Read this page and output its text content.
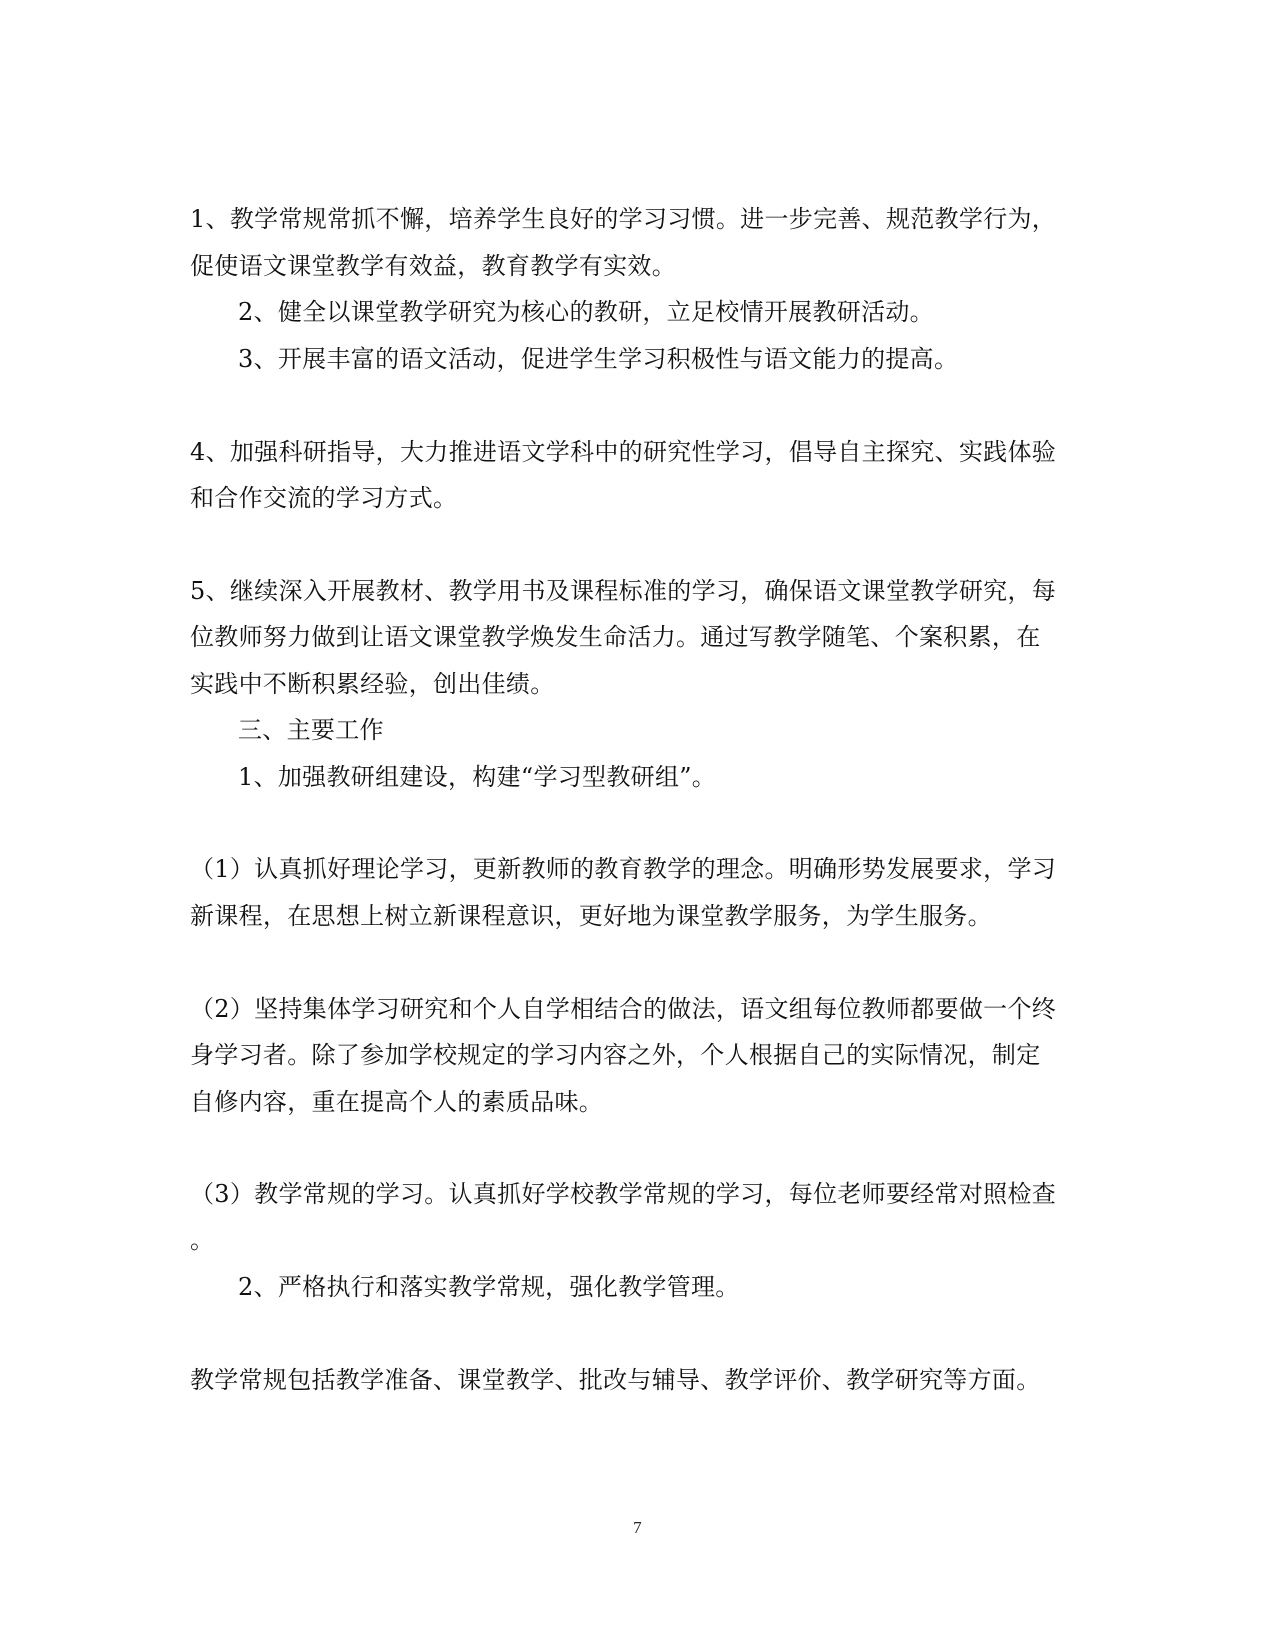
1、教学常规常抓不懈，培养学生良好的学习习惯。进一步完善、规范教学行为，
促使语文课堂教学有效益，教育教学有实效。
2、健全以课堂教学研究为核心的教研，立足校情开展教研活动。
3、开展丰富的语文活动，促进学生学习积极性与语文能力的提高。
4、加强科研指导，大力推进语文学科中的研究性学习，倡导自主探究、实践体验
和合作交流的学习方式。
5、继续深入开展教材、教学用书及课程标准的学习，确保语文课堂教学研究，每
位教师努力做到让语文课堂教学焕发生命活力。通过写教学随笔、个案积累，在
实践中不断积累经验，创出佳绩。
三、主要工作
1、加强教研组建设，构建“学习型教研组”。
（1）认真抓好理论学习，更新教师的教育教学的理念。明确形势发展要求，学习
新课程，在思想上树立新课程意识，更好地为课堂教学服务，为学生服务。
（2）坚持集体学习研究和个人自学相结合的做法，语文组每位教师都要做一个终
身学习者。除了参加学校规定的学习内容之外，个人根据自己的实际情况，制定
自修内容，重在提高个人的素质品味。
（3）教学常规的学习。认真抓好学校教学常规的学习，每位老师要经常对照检查
。
2、严格执行和落实教学常规，强化教学管理。
教学常规包括教学准备、课堂教学、批改与辅导、教学评价、教学研究等方面。
7
